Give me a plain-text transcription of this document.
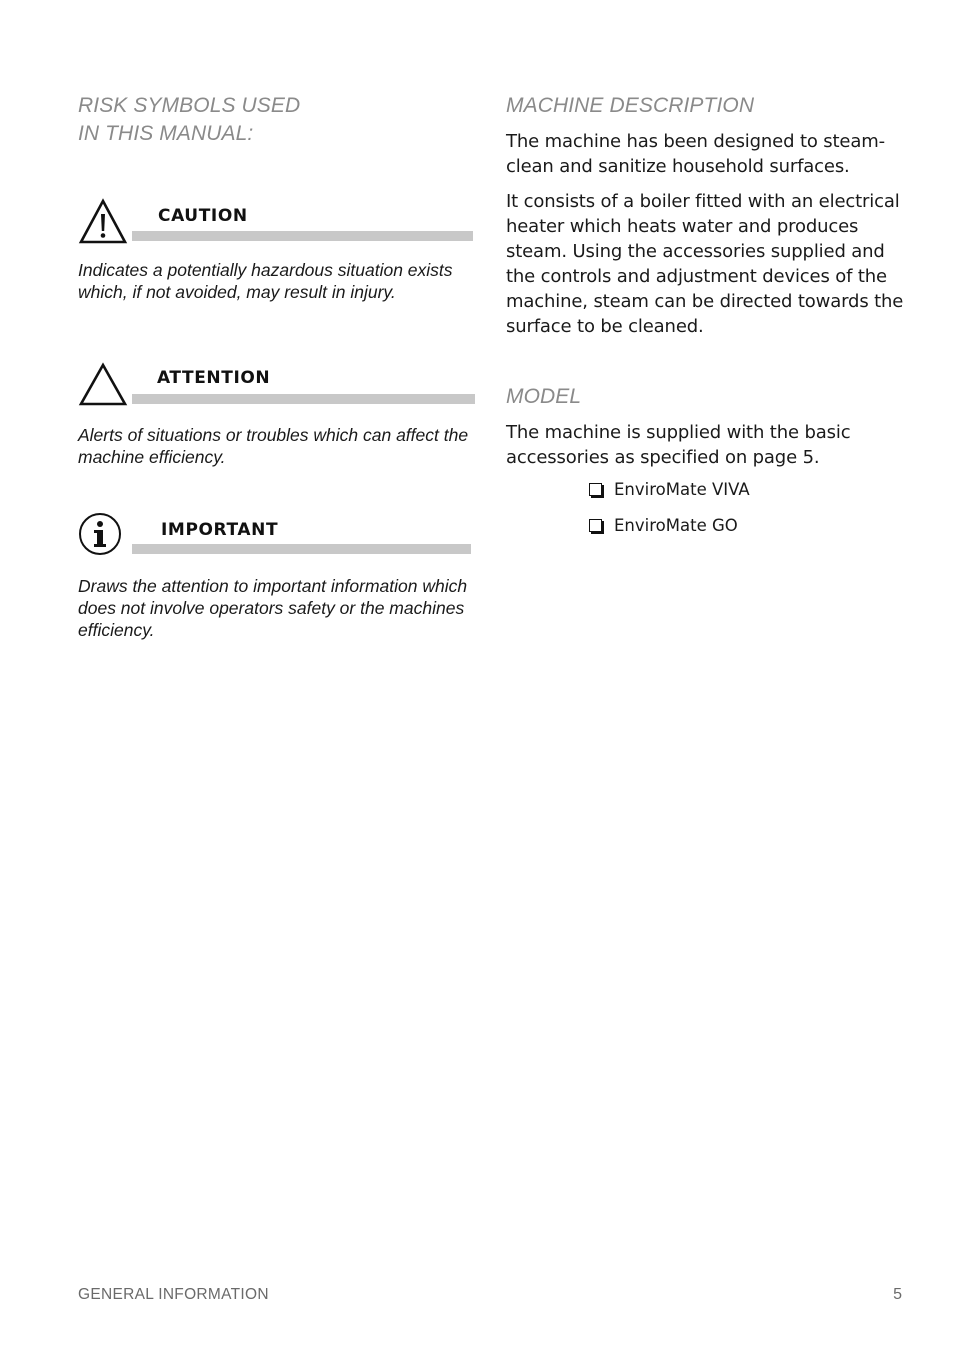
RISK SYMBOLS USED
IN THIS MANUAL:
CAUTION

Indicates a potentially hazardous situation exists which, if not avoided, may result in injury.

ATTENTION

Alerts of situations or troubles which can affect the machine efficiency.

IMPORTANT

Draws the attention to important information which does not involve operators safety or the machines efficiency.

MACHINE DESCRIPTION

The machine has been designed to steam-clean and sanitize household surfaces.

It consists of a boiler fitted with an electrical heater which heats water and produces steam. Using the accessories supplied and the controls and adjustment devices of the machine, steam can be directed towards the surface to be cleaned.

MODEL

The machine is supplied with the basic accessories as specified on page 5.

EnviroMate VIVA
EnviroMate GO
GENERAL INFORMATION	5
